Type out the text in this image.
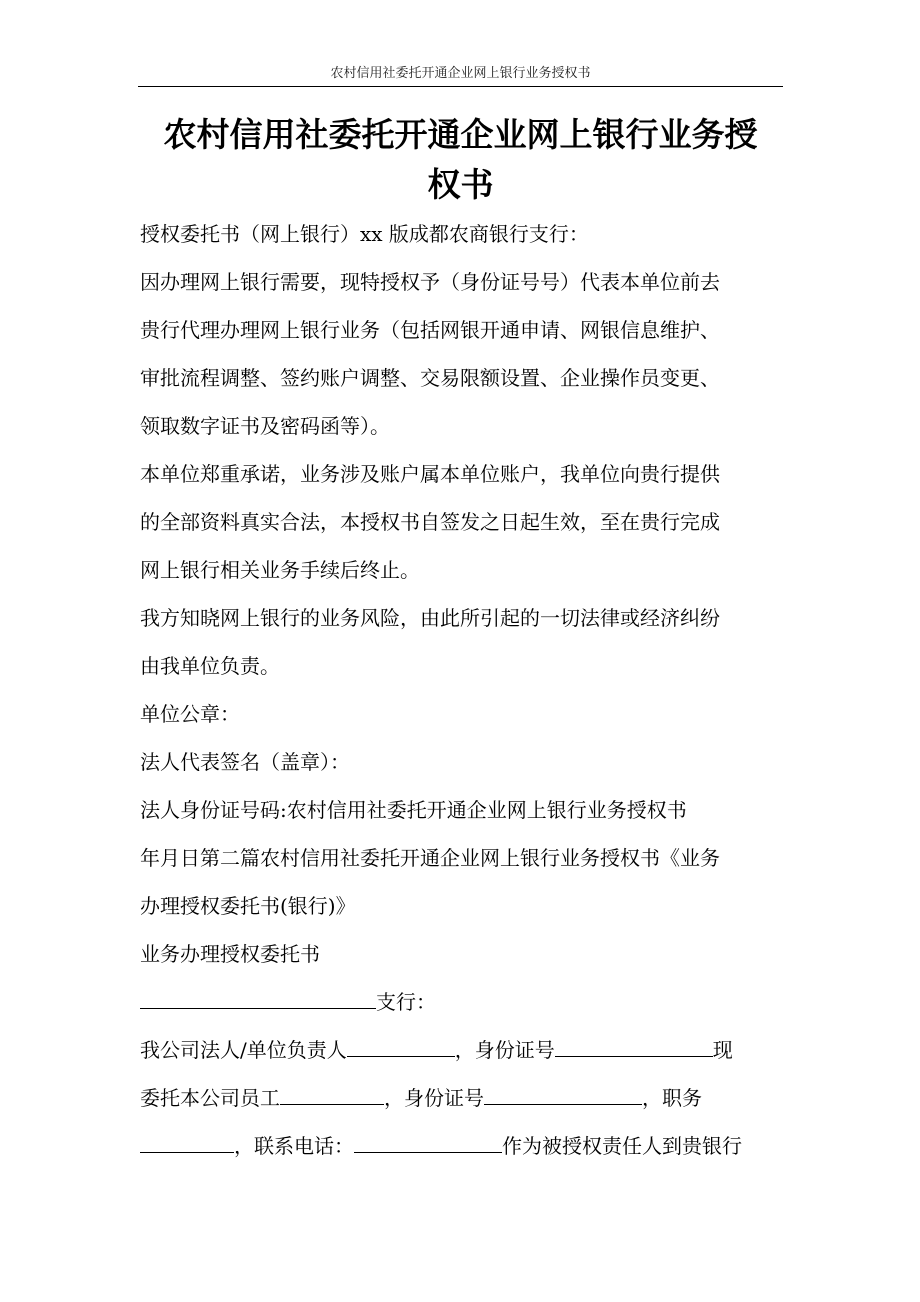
农村信用社委托开通企业网上银行业务授权书
农村信用社委托开通企业网上银行业务授
权书
授权委托书（网上银行）xx 版成都农商银行支行：
因办理网上银行需要，现特授权予（身份证号号）代表本单位前去
贵行代理办理网上银行业务（包括网银开通申请、网银信息维护、
审批流程调整、签约账户调整、交易限额设置、企业操作员变更、
领取数字证书及密码函等）。
本单位郑重承诺，业务涉及账户属本单位账户，我单位向贵行提供
的全部资料真实合法，本授权书自签发之日起生效，至在贵行完成
网上银行相关业务手续后终止。
我方知晓网上银行的业务风险，由此所引起的一切法律或经济纠纷
由我单位负责。
单位公章：
法人代表签名（盖章）：
法人身份证号码:农村信用社委托开通企业网上银行业务授权书
年月日第二篇农村信用社委托开通企业网上银行业务授权书《业务
办理授权委托书(银行)》
业务办理授权委托书
支行：
我公司法人/单位负责人	，身份证号	现
委托本公司员工	，身份证号	，职务
，联系电话：	作为被授权责任人到贵银行
